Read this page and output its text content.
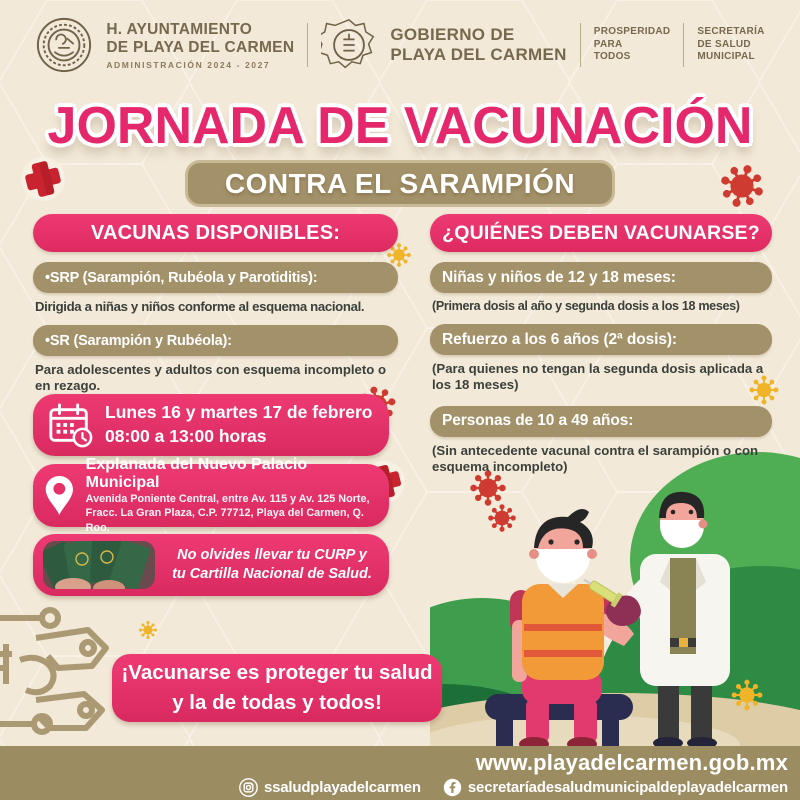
H. AYUNTAMIENTO
DE PLAYA DEL CARMEN
ADMINISTRACIÓN 2024 - 2027
GOBIERNO DE
PLAYA DEL CARMEN
PROSPERIDAD
PARA
TODOS
SECRETARÍA
DE SALUD
MUNICIPAL
JORNADA DE VACUNACIÓN
CONTRA EL SARAMPIÓN
VACUNAS DISPONIBLES:
•SRP (Sarampión, Rubéola y Parotiditis):
Dirigida a niñas y niños conforme al esquema nacional.
•SR (Sarampión y Rubéola):
Para adolescentes y adultos con esquema incompleto o en rezago.
¿QUIÉNES DEBEN VACUNARSE?
Niñas y niños de 12 y 18 meses:
(Primera dosis al año y segunda dosis a los 18 meses)
Refuerzo a los 6 años (2ª dosis):
(Para quienes no tengan la segunda dosis aplicada a los 18 meses)
Personas de 10 a 49 años:
(Sin antecedente vacunal contra el sarampión o con esquema incompleto)
Lunes 16 y martes 17 de febrero
08:00 a 13:00 horas
Explanada del Nuevo Palacio Municipal
Avenida Poniente Central, entre Av. 115 y Av. 125 Norte,
Fracc. La Gran Plaza, C.P. 77712, Playa del Carmen, Q. Roo.
No olvides llevar tu CURP y
tu Cartilla Nacional de Salud.
¡Vacunarse es proteger tu salud
y la de todas y todos!
www.playadelcarmen.gob.mx
ssaludplayadelcarmen	secretaríadesaludmunicipaldeplayadelcarmen
